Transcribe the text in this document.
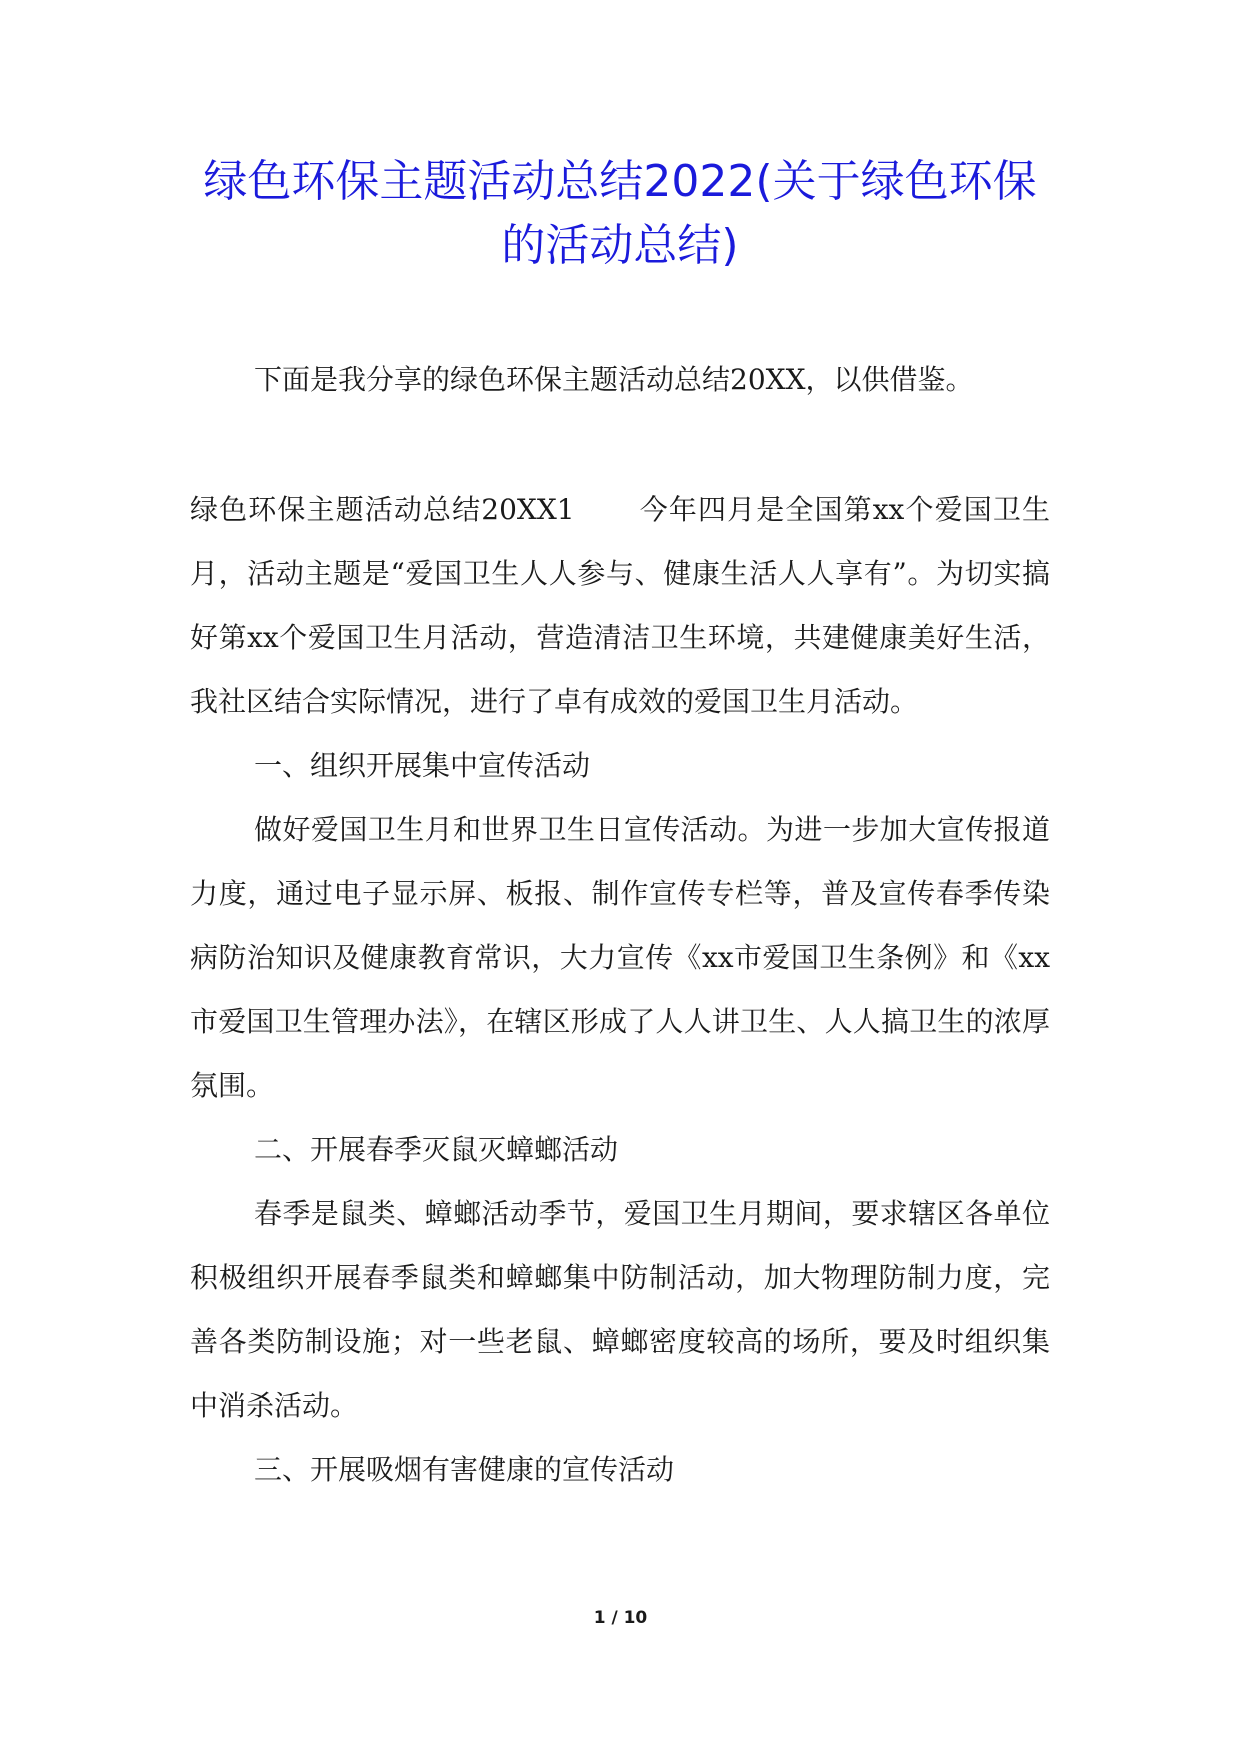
绿色环保主题活动总结2022(关于绿色环保的活动总结)

下面是我分享的绿色环保主题活动总结20XX，以供借鉴。

绿色环保主题活动总结20XX1 今年四月是全国第xx个爱国卫生月，活动主题是“爱国卫生人人参与、健康生活人人享有”。为切实搞好第xx个爱国卫生月活动，营造清洁卫生环境，共建健康美好生活，我社区结合实际情况，进行了卓有成效的爱国卫生月活动。

一、组织开展集中宣传活动

做好爱国卫生月和世界卫生日宣传活动。为进一步加大宣传报道力度，通过电子显示屏、板报、制作宣传专栏等，普及宣传春季传染病防治知识及健康教育常识，大力宣传《xx市爱国卫生条例》和《xx市爱国卫生管理办法》，在辖区形成了人人讲卫生、人人搞卫生的浓厚氛围。

二、开展春季灭鼠灭蟑螂活动

春季是鼠类、蟑螂活动季节，爱国卫生月期间，要求辖区各单位积极组织开展春季鼠类和蟑螂集中防制活动，加大物理防制力度，完善各类防制设施；对一些老鼠、蟑螂密度较高的场所，要及时组织集中消杀活动。

三、开展吸烟有害健康的宣传活动

1 / 10
